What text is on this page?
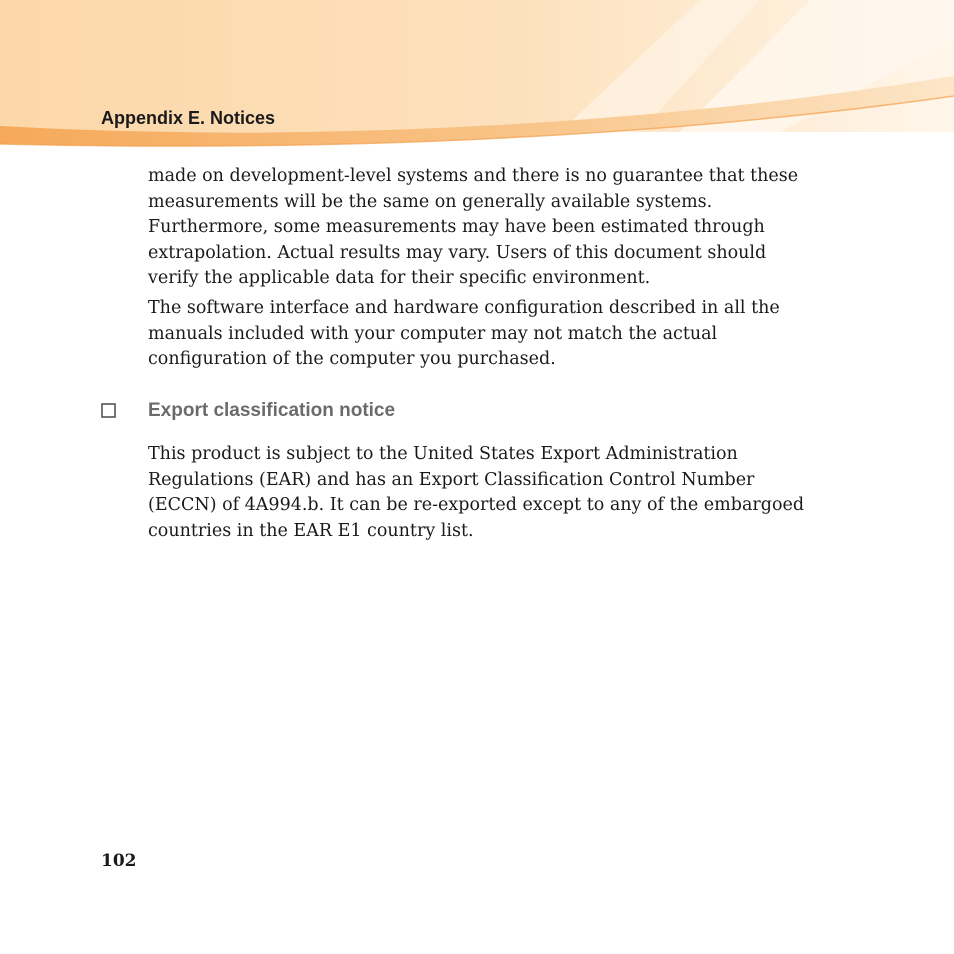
Appendix E. Notices

made on development-level systems and there is no guarantee that these
measurements will be the same on generally available systems.
Furthermore, some measurements may have been estimated through
extrapolation. Actual results may vary. Users of this document should
verify the applicable data for their specific environment.

The software interface and hardware configuration described in all the
manuals included with your computer may not match the actual
configuration of the computer you purchased.

Export classification notice

This product is subject to the United States Export Administration
Regulations (EAR) and has an Export Classification Control Number
(ECCN) of 4A994.b. It can be re-exported except to any of the embargoed
countries in the EAR E1 country list.

102
